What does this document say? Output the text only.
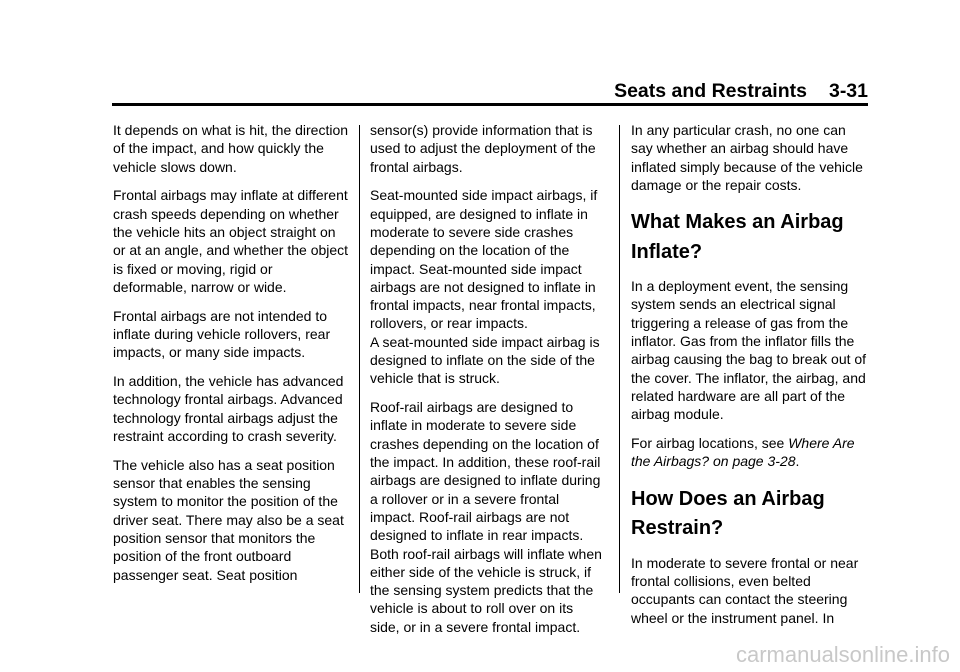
Seats and Restraints 3-31

It depends on what is hit, the direction of the impact, and how quickly the vehicle slows down.

Frontal airbags may inflate at different crash speeds depending on whether the vehicle hits an object straight on or at an angle, and whether the object is fixed or moving, rigid or deformable, narrow or wide.

Frontal airbags are not intended to inflate during vehicle rollovers, rear impacts, or many side impacts.

In addition, the vehicle has advanced technology frontal airbags. Advanced technology frontal airbags adjust the restraint according to crash severity.

The vehicle also has a seat position sensor that enables the sensing system to monitor the position of the driver seat. There may also be a seat position sensor that monitors the position of the front outboard passenger seat. Seat position

sensor(s) provide information that is used to adjust the deployment of the frontal airbags.

Seat-mounted side impact airbags, if equipped, are designed to inflate in moderate to severe side crashes depending on the location of the impact. Seat-mounted side impact airbags are not designed to inflate in frontal impacts, near frontal impacts, rollovers, or rear impacts.

A seat-mounted side impact airbag is designed to inflate on the side of the vehicle that is struck.

Roof-rail airbags are designed to inflate in moderate to severe side crashes depending on the location of the impact. In addition, these roof-rail airbags are designed to inflate during a rollover or in a severe frontal impact. Roof-rail airbags are not designed to inflate in rear impacts. Both roof-rail airbags will inflate when either side of the vehicle is struck, if the sensing system predicts that the vehicle is about to roll over on its side, or in a severe frontal impact.

In any particular crash, no one can say whether an airbag should have inflated simply because of the vehicle damage or the repair costs.

What Makes an Airbag Inflate?

In a deployment event, the sensing system sends an electrical signal triggering a release of gas from the inflator. Gas from the inflator fills the airbag causing the bag to break out of the cover. The inflator, the airbag, and related hardware are all part of the airbag module.

For airbag locations, see Where Are the Airbags? on page 3-28.

How Does an Airbag Restrain?

In moderate to severe frontal or near frontal collisions, even belted occupants can contact the steering wheel or the instrument panel. In

carmanualsonline.info
